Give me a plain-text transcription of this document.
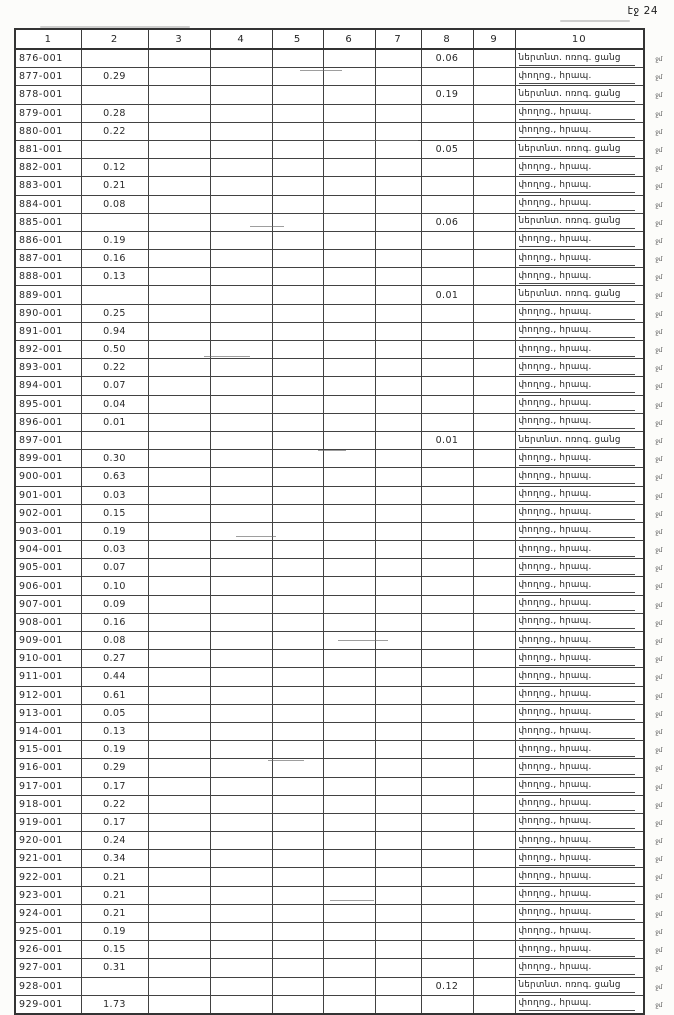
էջ 24
1	2	3	4	5	6	7	8	9	10
876-001							0.06		ներտնտ. ոռոգ. ցանց ջմ

877-001	0.29								փողոց., հրապ. ջմ

878-001							0.19		ներտնտ. ոռոգ. ցանց ջմ

879-001	0.28								փողոց., հրապ. ջմ

880-001	0.22								փողոց., հրապ. ջմ

881-001							0.05		ներտնտ. ոռոգ. ցանց ջմ

882-001	0.12								փողոց., հրապ. ջմ

883-001	0.21								փողոց., հրապ. ջմ

884-001	0.08								փողոց., հրապ. ջմ

885-001							0.06		ներտնտ. ոռոգ. ցանց ջմ

886-001	0.19								փողոց., հրապ. ջմ

887-001	0.16								փողոց., հրապ. ջմ

888-001	0.13								փողոց., հրապ. ջմ

889-001							0.01		ներտնտ. ոռոգ. ցանց ջմ

890-001	0.25								փողոց., հրապ. ջմ

891-001	0.94								փողոց., հրապ. ջմ

892-001	0.50								փողոց., հրապ. ջմ

893-001	0.22								փողոց., հրապ. ջմ

894-001	0.07								փողոց., հրապ. ջմ

895-001	0.04								փողոց., հրապ. ջմ

896-001	0.01								փողոց., հրապ. ջմ

897-001							0.01		ներտնտ. ոռոգ. ցանց ջմ

899-001	0.30								փողոց., հրապ. ջմ

900-001	0.63								փողոց., հրապ. ջմ

901-001	0.03								փողոց., հրապ. ջմ

902-001	0.15								փողոց., հրապ. ջմ

903-001	0.19								փողոց., հրապ. ջմ

904-001	0.03								փողոց., հրապ. ջմ

905-001	0.07								փողոց., հրապ. ջմ

906-001	0.10								փողոց., հրապ. ջմ

907-001	0.09								փողոց., հրապ. ջմ

908-001	0.16								փողոց., հրապ. ջմ

909-001	0.08								փողոց., հրապ. ջմ

910-001	0.27								փողոց., հրապ. ջմ

911-001	0.44								փողոց., հրապ. ջմ

912-001	0.61								փողոց., հրապ. ջմ

913-001	0.05								փողոց., հրապ. ջմ

914-001	0.13								փողոց., հրապ. ջմ

915-001	0.19								փողոց., հրապ. ջմ

916-001	0.29								փողոց., հրապ. ջմ

917-001	0.17								փողոց., հրապ. ջմ

918-001	0.22								փողոց., հրապ. ջմ

919-001	0.17								փողոց., հրապ. ջմ

920-001	0.24								փողոց., հրապ. ջմ

921-001	0.34								փողոց., հրապ. ջմ

922-001	0.21								փողոց., հրապ. ջմ

923-001	0.21								փողոց., հրապ. ջմ

924-001	0.21								փողոց., հրապ. ջմ

925-001	0.19								փողոց., հրապ. ջմ

926-001	0.15								փողոց., հրապ. ջմ

927-001	0.31								փողոց., հրապ. ջմ

928-001							0.12		ներտնտ. ոռոգ. ցանց ջմ

929-001	1.73								փողոց., հրապ. ջմ
